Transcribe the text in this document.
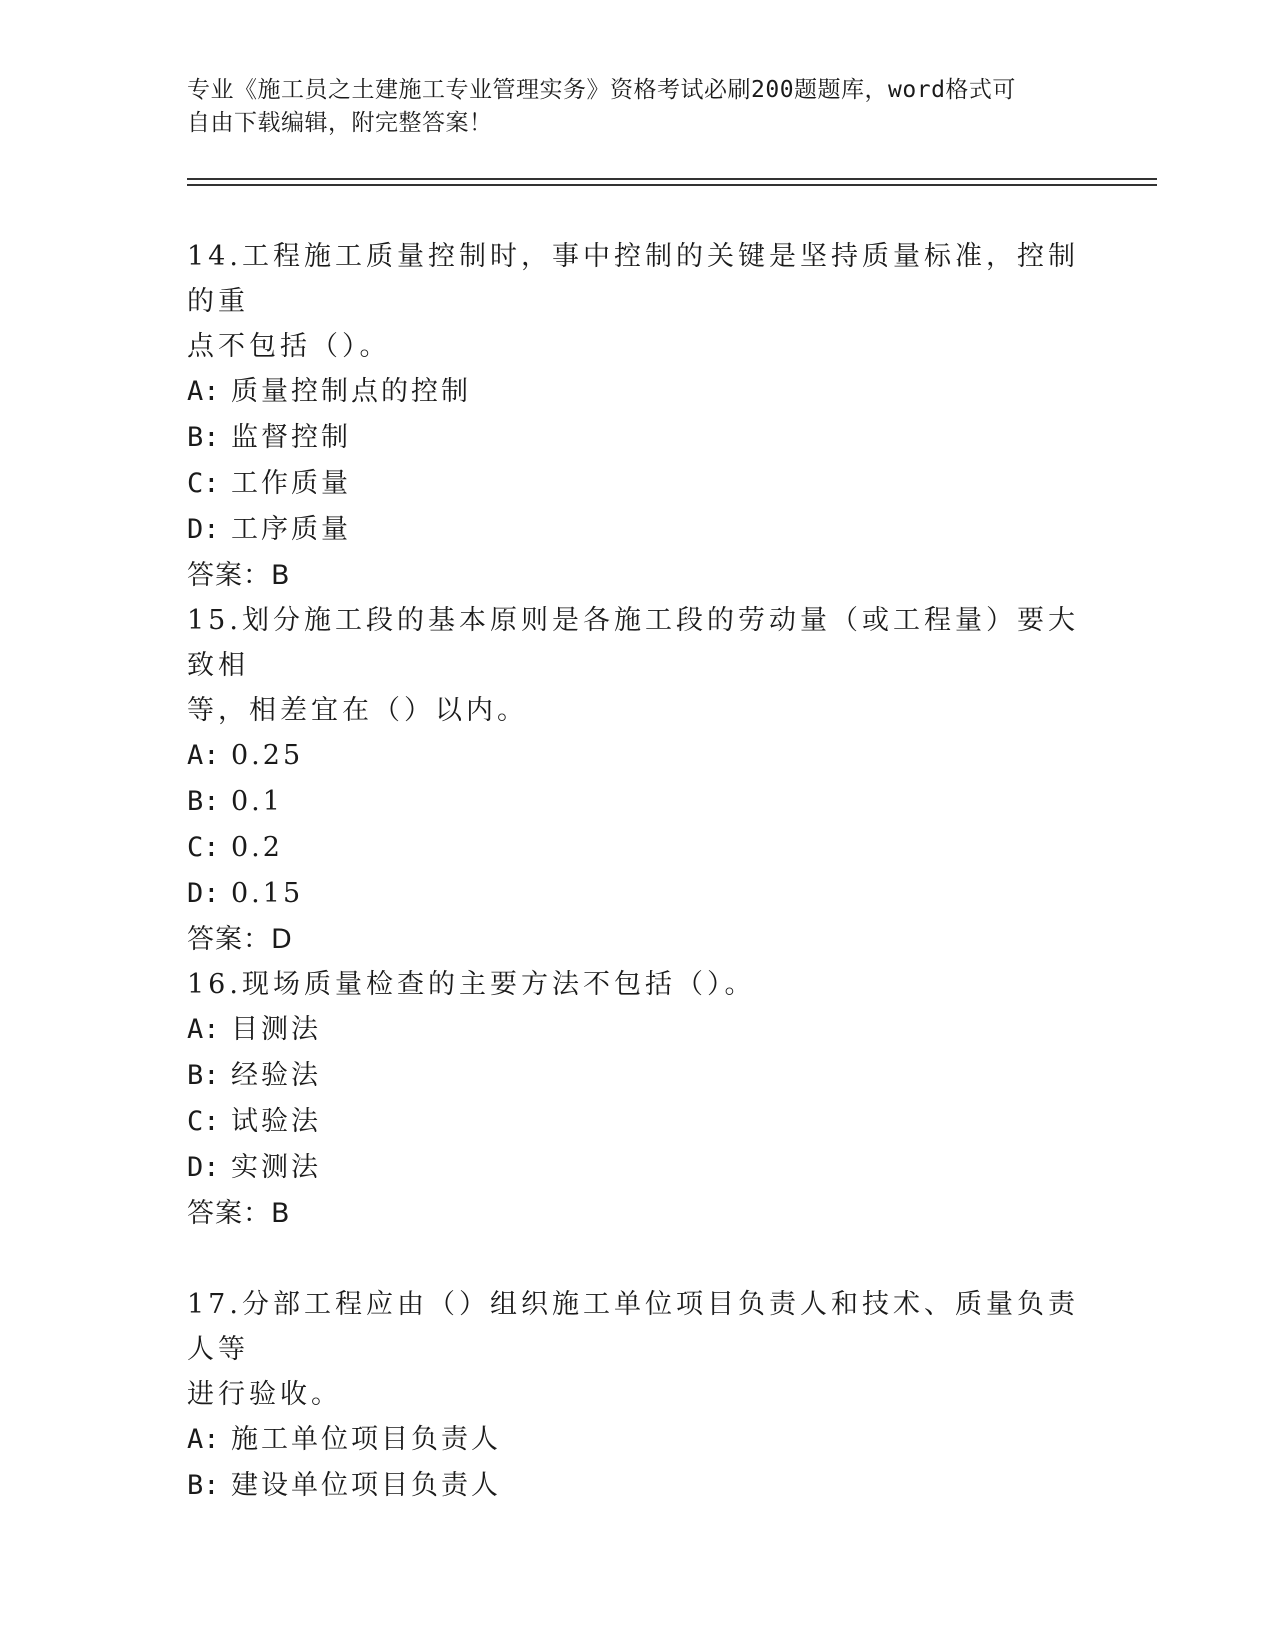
专业《施工员之土建施工专业管理实务》资格考试必刷200题题库，word格式可
自由下载编辑，附完整答案！

14.工程施工质量控制时，事中控制的关键是坚持质量标准，控制的重

点不包括（）。

A: 质量控制点的控制

B: 监督控制

C: 工作质量

D: 工序质量

答案：B

15.划分施工段的基本原则是各施工段的劳动量（或工程量）要大致相

等，相差宜在（）以内。

A: 0.25

B: 0.1

C: 0.2

D: 0.15

答案：D

16.现场质量检查的主要方法不包括（）。

A: 目测法

B: 经验法

C: 试验法

D: 实测法

答案：B

17.分部工程应由（）组织施工单位项目负责人和技术、质量负责人等

进行验收。

A: 施工单位项目负责人

B: 建设单位项目负责人
